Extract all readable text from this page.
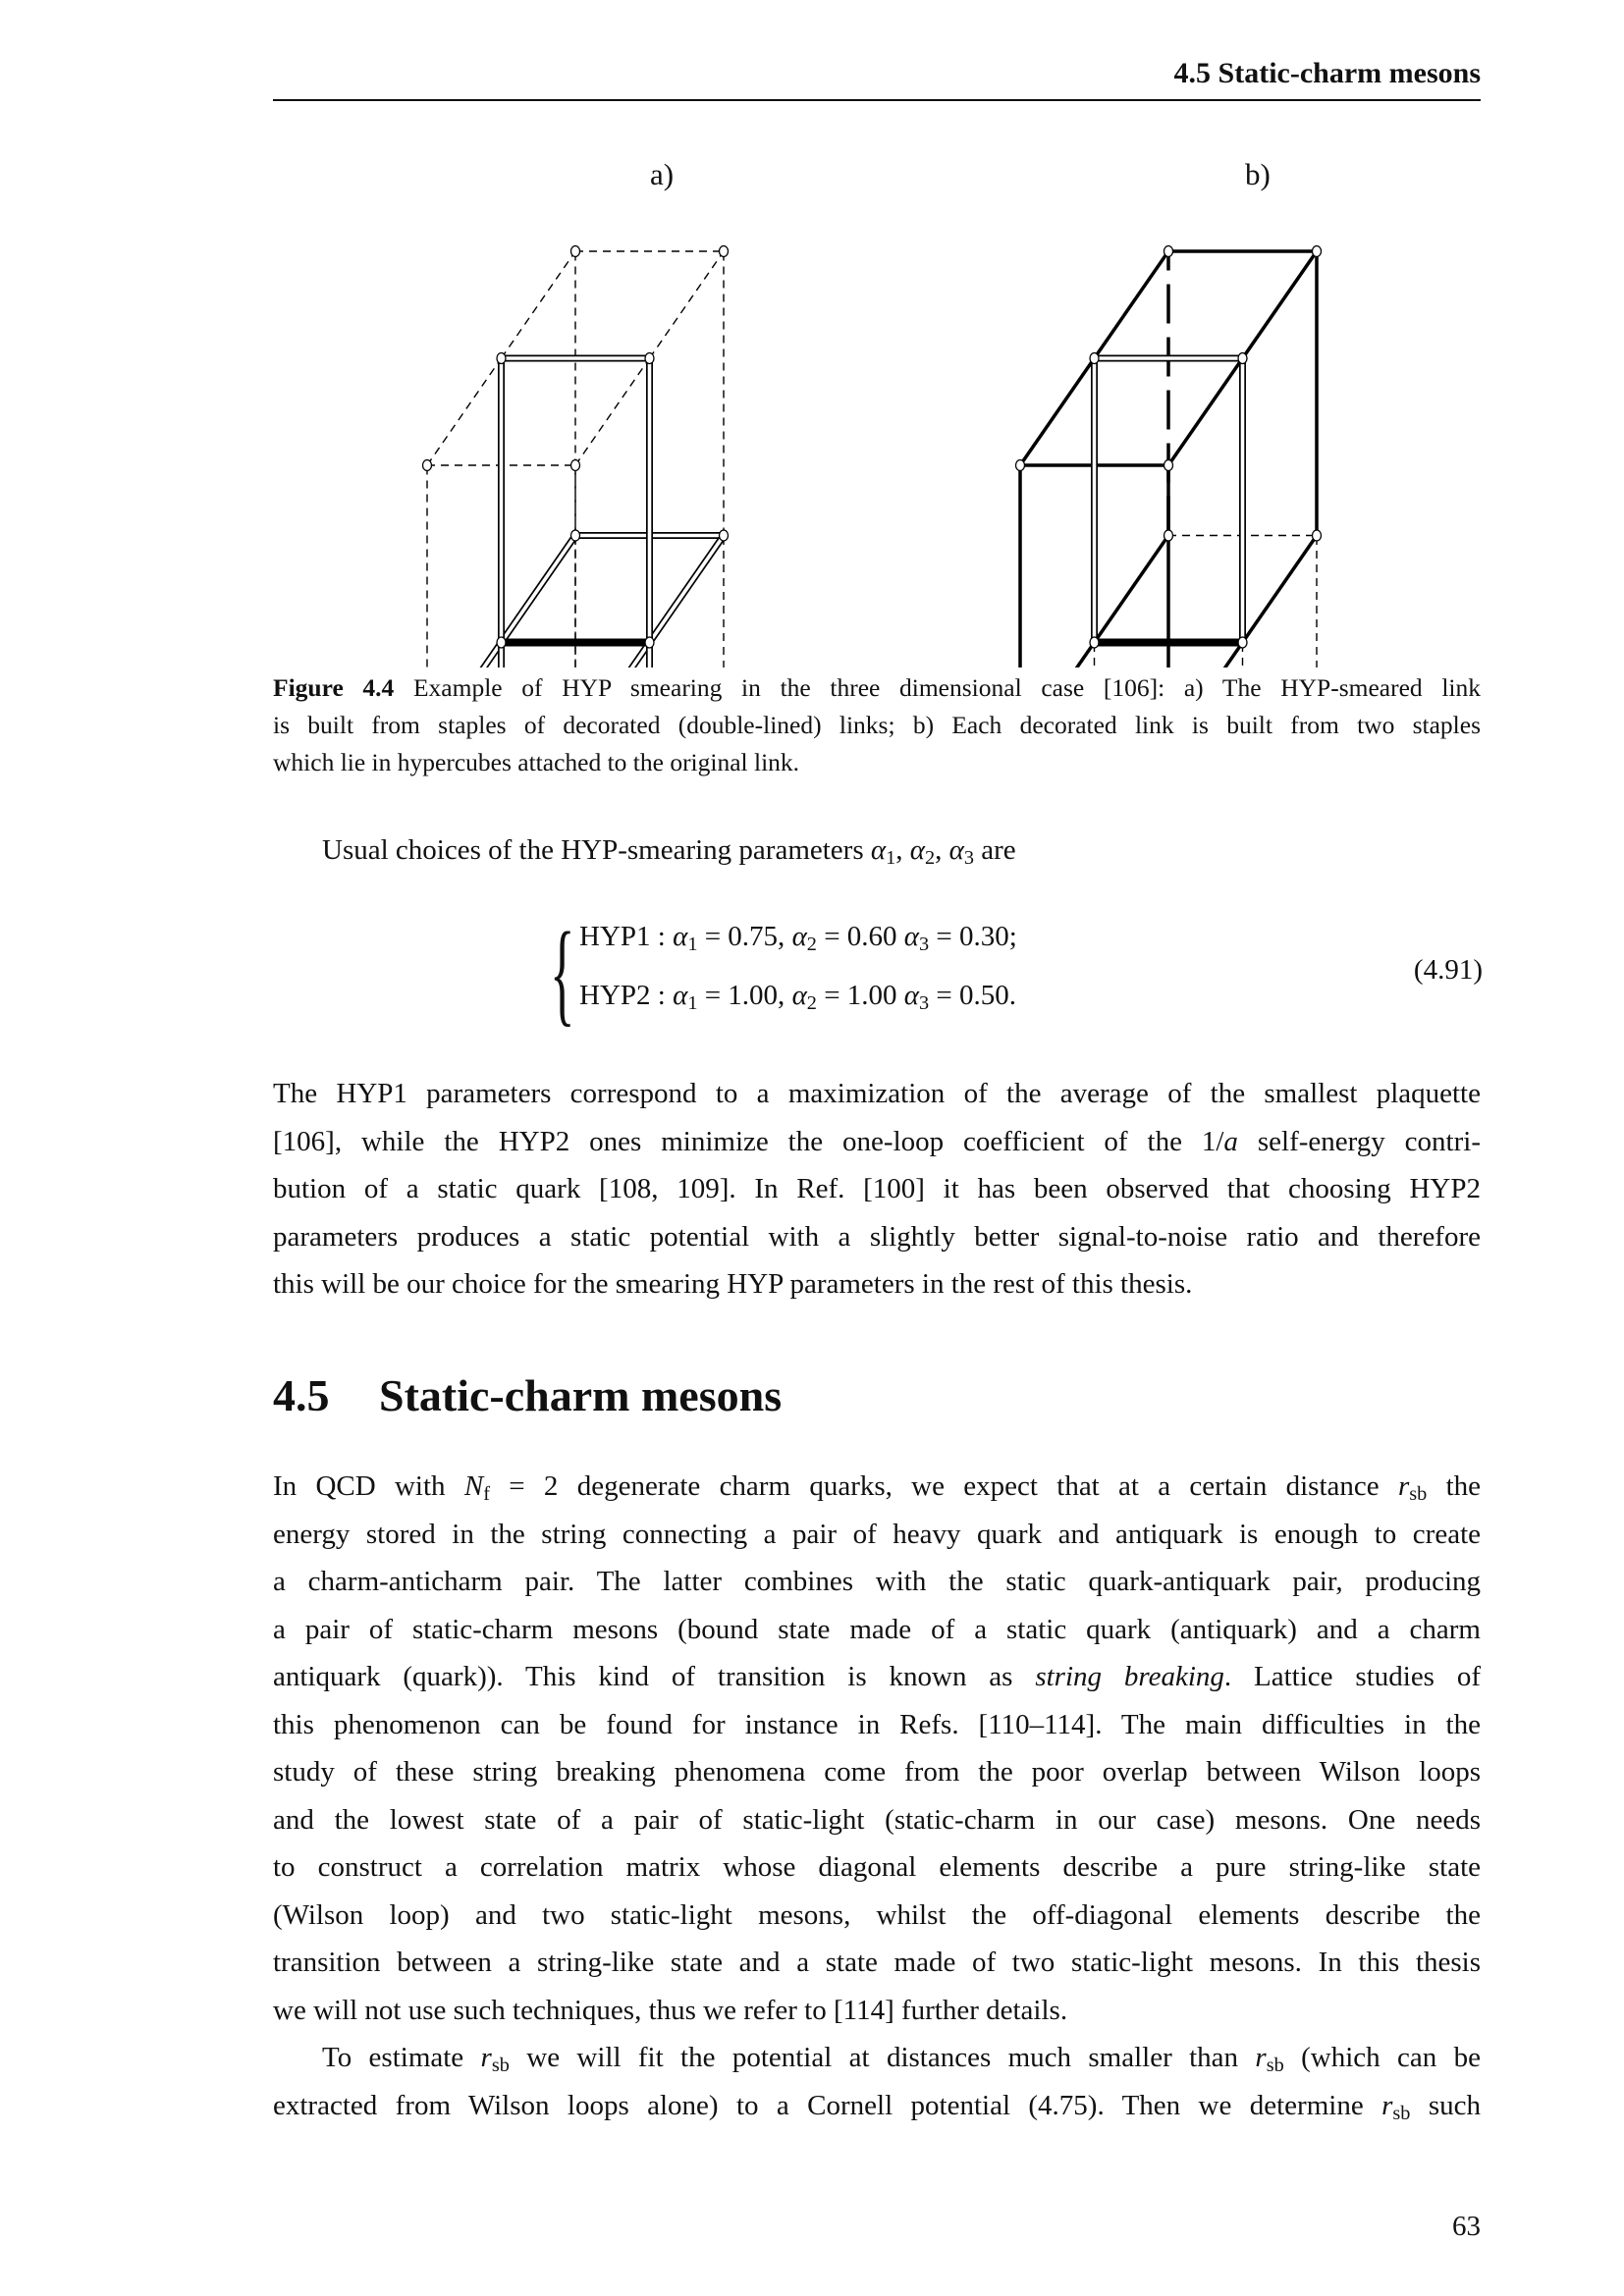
4.5 Static-charm mesons
a)	b)
Figure 4.4 Example of HYP smearing in the three dimensional case [106]: a) The HYP-smeared link
is built from staples of decorated (double-lined) links; b) Each decorated link is built from two staples
which lie in hypercubes attached to the original link.
Usual choices of the HYP-smearing parameters $\alpha_1$, $\alpha_2$, $\alpha_3$ are
{ HYP1 : $\alpha_1 = 0.75$, $\alpha_2 = 0.60$ $\alpha_3 = 0.30$;
HYP2 : $\alpha_1 = 1.00$, $\alpha_2 = 1.00$ $\alpha_3 = 0.50$.
(4.91)
The HYP1 parameters correspond to a maximization of the average of the smallest plaquette
[106], while the HYP2 ones minimize the one-loop coefficient of the 1/a self-energy contri-
bution of a static quark [108, 109]. In Ref. [100] it has been observed that choosing HYP2
parameters produces a static potential with a slightly better signal-to-noise ratio and therefore
this will be our choice for the smearing HYP parameters in the rest of this thesis.
4.5 Static-charm mesons
In QCD with $N_f = 2$ degenerate charm quarks, we expect that at a certain distance $r_{sb}$ the
energy stored in the string connecting a pair of heavy quark and antiquark is enough to create
a charm-anticharm pair. The latter combines with the static quark-antiquark pair, producing
a pair of static-charm mesons (bound state made of a static quark (antiquark) and a charm
antiquark (quark)). This kind of transition is known as string breaking. Lattice studies of
this phenomenon can be found for instance in Refs. [110–114]. The main difficulties in the
study of these string breaking phenomena come from the poor overlap between Wilson loops
and the lowest state of a pair of static-light (static-charm in our case) mesons. One needs
to construct a correlation matrix whose diagonal elements describe a pure string-like state
(Wilson loop) and two static-light mesons, whilst the off-diagonal elements describe the
transition between a string-like state and a state made of two static-light mesons. In this thesis
we will not use such techniques, thus we refer to [114] further details.
To estimate $r_{sb}$ we will fit the potential at distances much smaller than $r_{sb}$ (which can be
extracted from Wilson loops alone) to a Cornell potential (4.75). Then we determine $r_{sb}$ such
63
